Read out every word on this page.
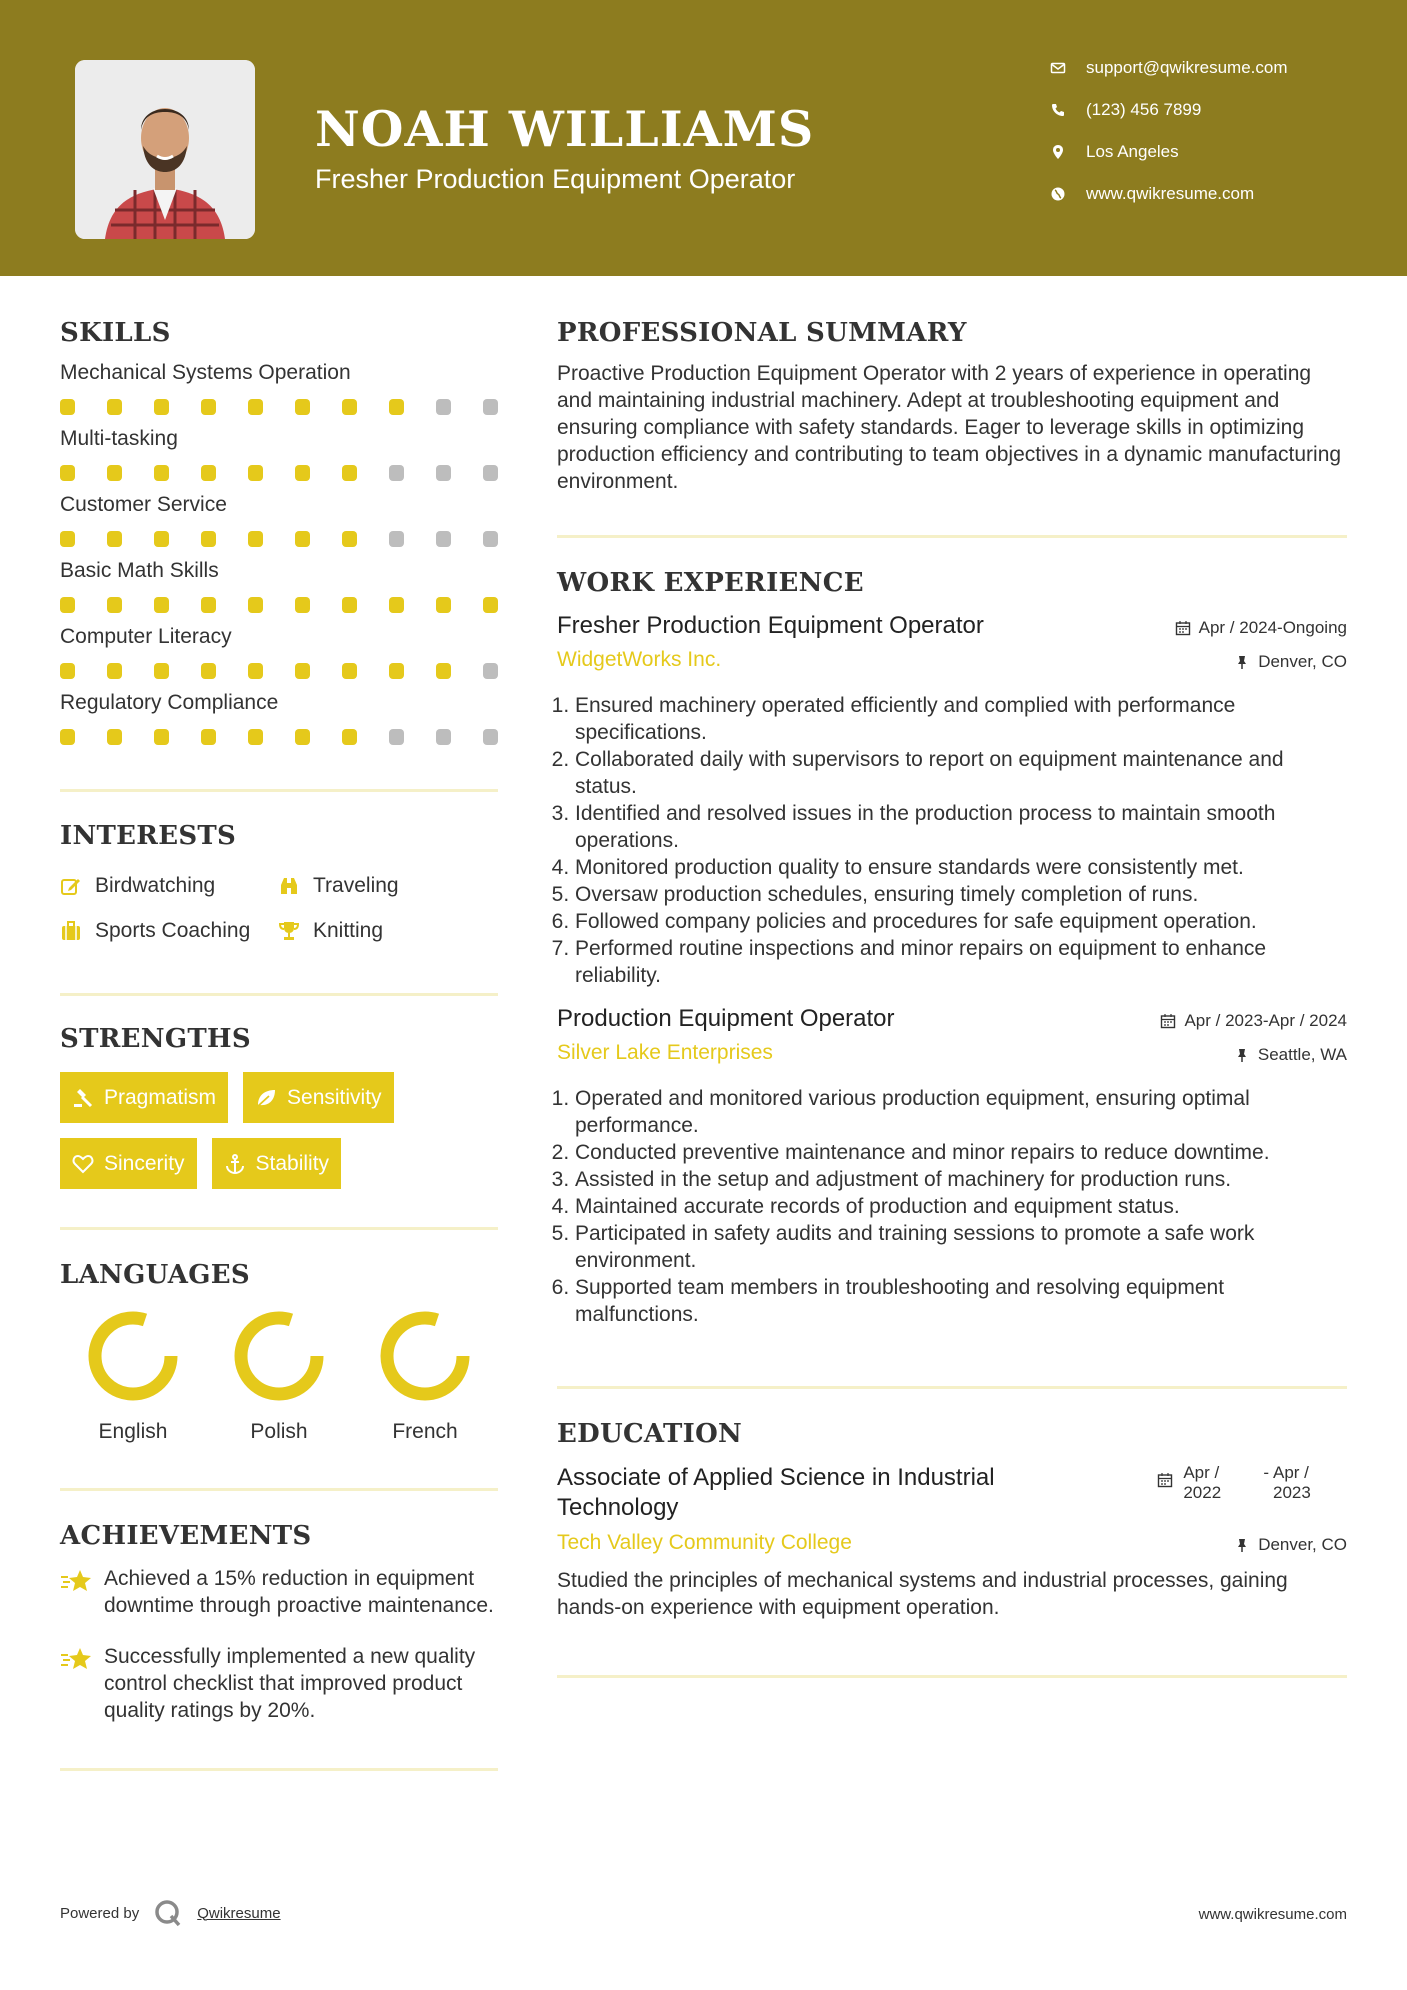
NOAH WILLIAMS
Fresher Production Equipment Operator
support@qwikresume.com
(123) 456 7899
Los Angeles
www.qwikresume.com
SKILLS
Mechanical Systems Operation
Multi-tasking
Customer Service
Basic Math Skills
Computer Literacy
Regulatory Compliance
INTERESTS
Birdwatching	Traveling
Sports Coaching	Knitting
STRENGTHS
Pragmatism	Sensitivity
Sincerity	Stability
LANGUAGES
English	Polish	French
ACHIEVEMENTS
Achieved a 15% reduction in equipment downtime through proactive maintenance.
Successfully implemented a new quality control checklist that improved product quality ratings by 20%.
PROFESSIONAL SUMMARY

Proactive Production Equipment Operator with 2 years of experience in operating and maintaining industrial machinery. Adept at troubleshooting equipment and ensuring compliance with safety standards. Eager to leverage skills in optimizing production efficiency and contributing to team objectives in a dynamic manufacturing environment.

WORK EXPERIENCE
Fresher Production Equipment Operator	Apr / 2024-Ongoing
WidgetWorks Inc.	Denver, CO
1. Ensured machinery operated efficiently and complied with performance specifications.
2. Collaborated daily with supervisors to report on equipment maintenance and status.
3. Identified and resolved issues in the production process to maintain smooth operations.
4. Monitored production quality to ensure standards were consistently met.
5. Oversaw production schedules, ensuring timely completion of runs.
6. Followed company policies and procedures for safe equipment operation.
7. Performed routine inspections and minor repairs on equipment to enhance reliability.
Production Equipment Operator	Apr / 2023-Apr / 2024
Silver Lake Enterprises	Seattle, WA
1. Operated and monitored various production equipment, ensuring optimal performance.
2. Conducted preventive maintenance and minor repairs to reduce downtime.
3. Assisted in the setup and adjustment of machinery for production runs.
4. Maintained accurate records of production and equipment status.
5. Participated in safety audits and training sessions to promote a safe work environment.
6. Supported team members in troubleshooting and resolving equipment malfunctions.
EDUCATION
Associate of Applied Science in Industrial Technology
Apr / 2022
- Apr / 2023
Tech Valley Community College	Denver, CO

Studied the principles of mechanical systems and industrial processes, gaining hands-on experience with equipment operation.

Powered by	Qwikresume	www.qwikresume.com
